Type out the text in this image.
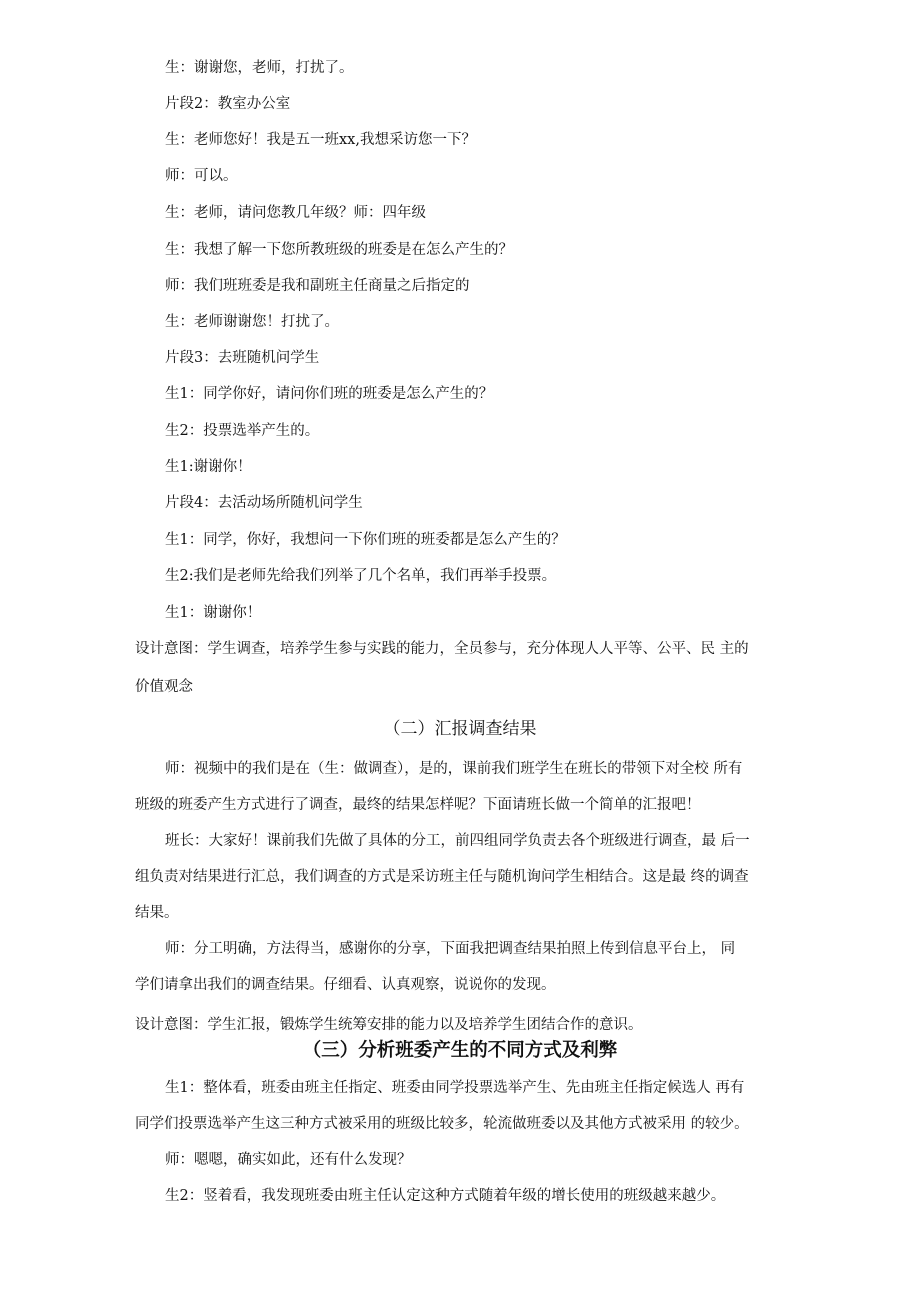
生：谢谢您，老师，打扰了。
片段2：教室办公室
生：老师您好！我是五一班xx,我想采访您一下？
师：可以。
生：老师，请问您教几年级？师：四年级
生：我想了解一下您所教班级的班委是在怎么产生的？
师：我们班班委是我和副班主任商量之后指定的
生：老师谢谢您！打扰了。
片段3：去班随机问学生
生1：同学你好，请问你们班的班委是怎么产生的？
生2：投票选举产生的。
生1:谢谢你！
片段4：去活动场所随机问学生
生1：同学，你好，我想问一下你们班的班委都是怎么产生的？
生2:我们是老师先给我们列举了几个名单，我们再举手投票。
生1：谢谢你！
设计意图：学生调查，培养学生参与实践的能力，全员参与，充分体现人人平等、公平、民 主的
价值观念
（二）汇报调查结果
师：视频中的我们是在（生：做调查），是的，课前我们班学生在班长的带领下对全校 所有
班级的班委产生方式进行了调查，最终的结果怎样呢？下面请班长做一个简单的汇报吧！
班长：大家好！课前我们先做了具体的分工，前四组同学负责去各个班级进行调查，最 后一
组负责对结果进行汇总，我们调查的方式是采访班主任与随机询问学生相结合。这是最 终的调查
结果。
师：分工明确，方法得当，感谢你的分享，下面我把调查结果拍照上传到信息平台上， 同
学们请拿出我们的调查结果。仔细看、认真观察，说说你的发现。
设计意图：学生汇报，锻炼学生统筹安排的能力以及培养学生团结合作的意识。
（三）分析班委产生的不同方式及利弊
生1：整体看，班委由班主任指定、班委由同学投票选举产生、先由班主任指定候选人 再有
同学们投票选举产生这三种方式被采用的班级比较多，轮流做班委以及其他方式被采用 的较少。
师：嗯嗯，确实如此，还有什么发现？
生2：竖着看，我发现班委由班主任认定这种方式随着年级的增长使用的班级越来越少。
